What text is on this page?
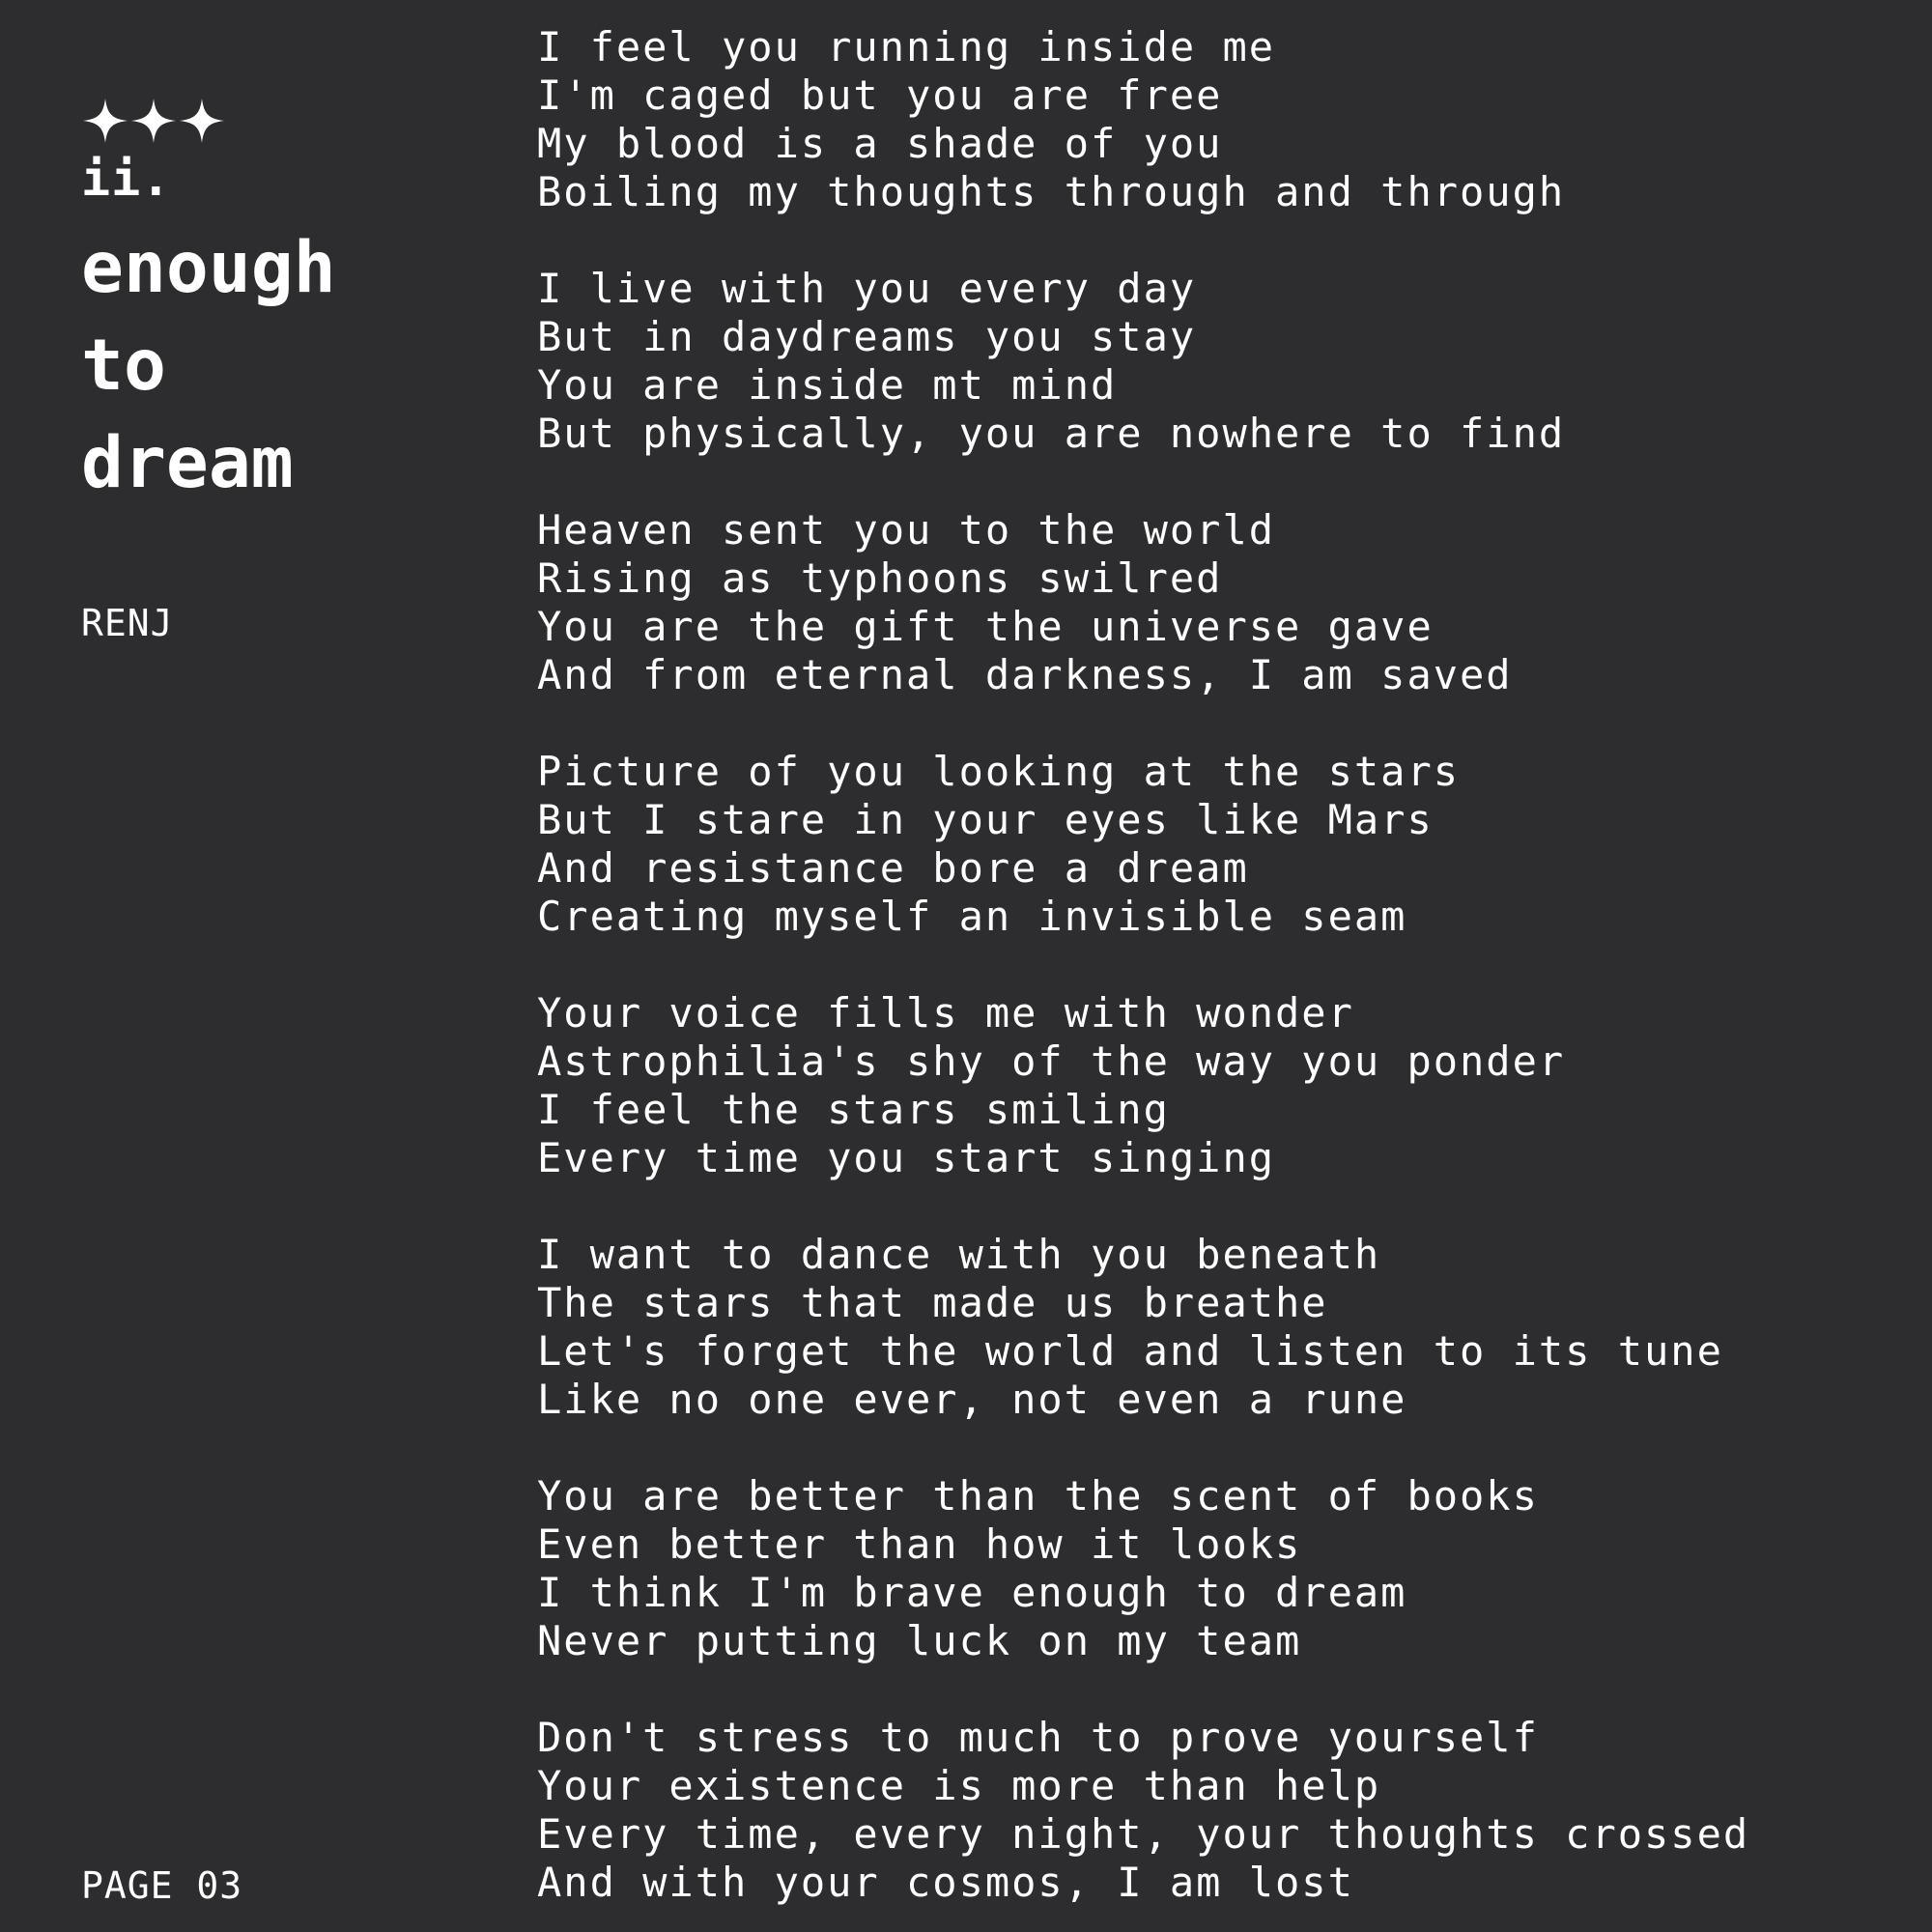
ii.
enough
to
dream
RENJ
PAGE 03
I feel you running inside me
I'm caged but you are free
My blood is a shade of you
Boiling my thoughts through and through
I live with you every day
But in daydreams you stay
You are inside mt mind
But physically, you are nowhere to find
Heaven sent you to the world
Rising as typhoons swilred
You are the gift the universe gave
And from eternal darkness, I am saved
Picture of you looking at the stars
But I stare in your eyes like Mars
And resistance bore a dream
Creating myself an invisible seam
Your voice fills me with wonder
Astrophilia's shy of the way you ponder
I feel the stars smiling
Every time you start singing
I want to dance with you beneath
The stars that made us breathe
Let's forget the world and listen to its tune
Like no one ever, not even a rune
You are better than the scent of books
Even better than how it looks
I think I'm brave enough to dream
Never putting luck on my team
Don't stress to much to prove yourself
Your existence is more than help
Every time, every night, your thoughts crossed
And with your cosmos, I am lost
